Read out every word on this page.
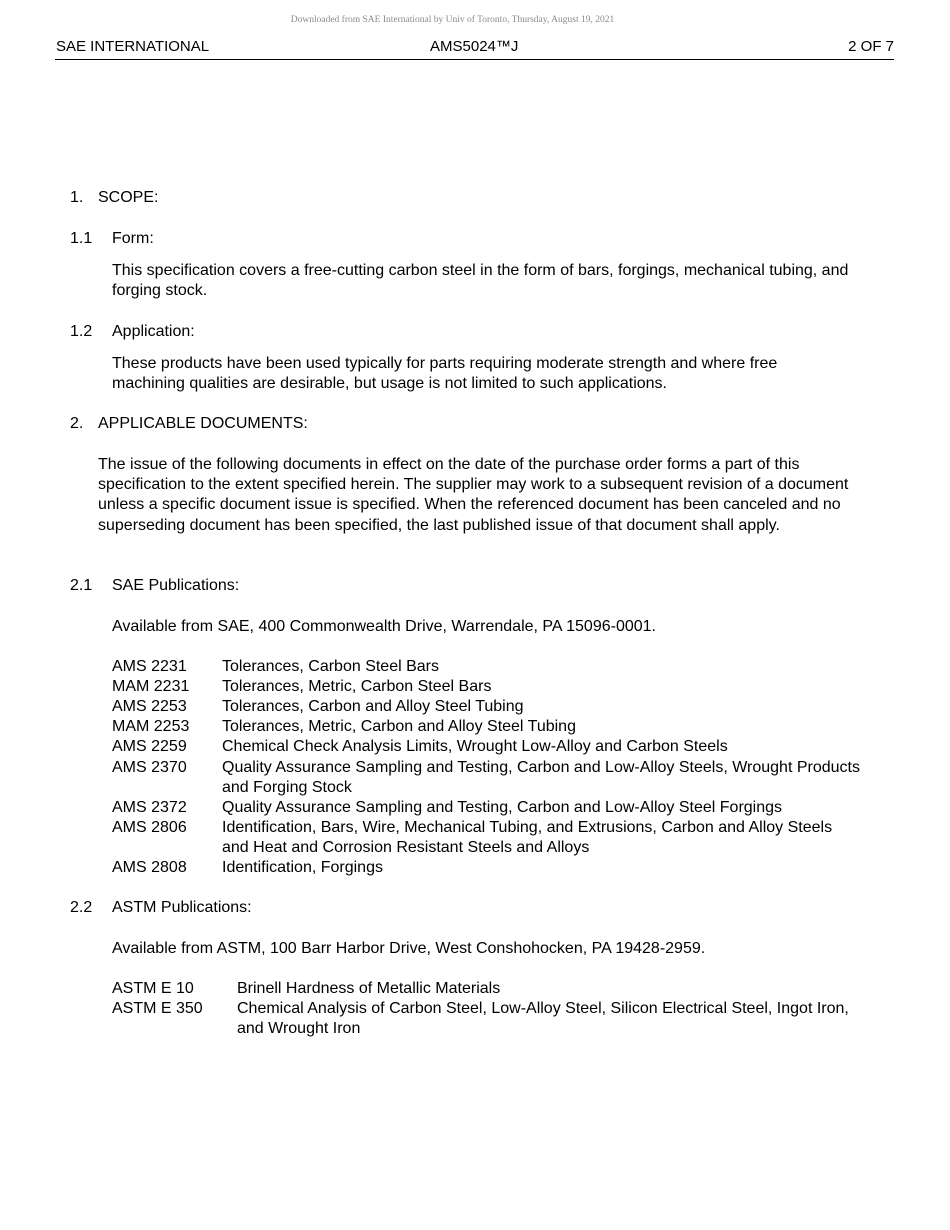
Downloaded from SAE International by Univ of Toronto, Thursday, August 19, 2021
SAE INTERNATIONAL	AMS5024™J	2 OF 7
1. SCOPE:
1.1 Form:
This specification covers a free-cutting carbon steel in the form of bars, forgings, mechanical tubing, and forging stock.
1.2 Application:
These products have been used typically for parts requiring moderate strength and where free machining qualities are desirable, but usage is not limited to such applications.
2. APPLICABLE DOCUMENTS:
The issue of the following documents in effect on the date of the purchase order forms a part of this specification to the extent specified herein. The supplier may work to a subsequent revision of a document unless a specific document issue is specified. When the referenced document has been canceled and no superseding document has been specified, the last published issue of that document shall apply.
2.1 SAE Publications:
Available from SAE, 400 Commonwealth Drive, Warrendale, PA 15096-0001.
AMS 2231 Tolerances, Carbon Steel Bars
MAM 2231 Tolerances, Metric, Carbon Steel Bars
AMS 2253 Tolerances, Carbon and Alloy Steel Tubing
MAM 2253 Tolerances, Metric, Carbon and Alloy Steel Tubing
AMS 2259 Chemical Check Analysis Limits, Wrought Low-Alloy and Carbon Steels
AMS 2370 Quality Assurance Sampling and Testing, Carbon and Low-Alloy Steels, Wrought Products and Forging Stock
AMS 2372 Quality Assurance Sampling and Testing, Carbon and Low-Alloy Steel Forgings
AMS 2806 Identification, Bars, Wire, Mechanical Tubing, and Extrusions, Carbon and Alloy Steels and Heat and Corrosion Resistant Steels and Alloys
AMS 2808 Identification, Forgings
2.2 ASTM Publications:
Available from ASTM, 100 Barr Harbor Drive, West Conshohocken, PA 19428-2959.
ASTM E 10	Brinell Hardness of Metallic Materials
ASTM E 350 Chemical Analysis of Carbon Steel, Low-Alloy Steel, Silicon Electrical Steel, Ingot Iron, and Wrought Iron
